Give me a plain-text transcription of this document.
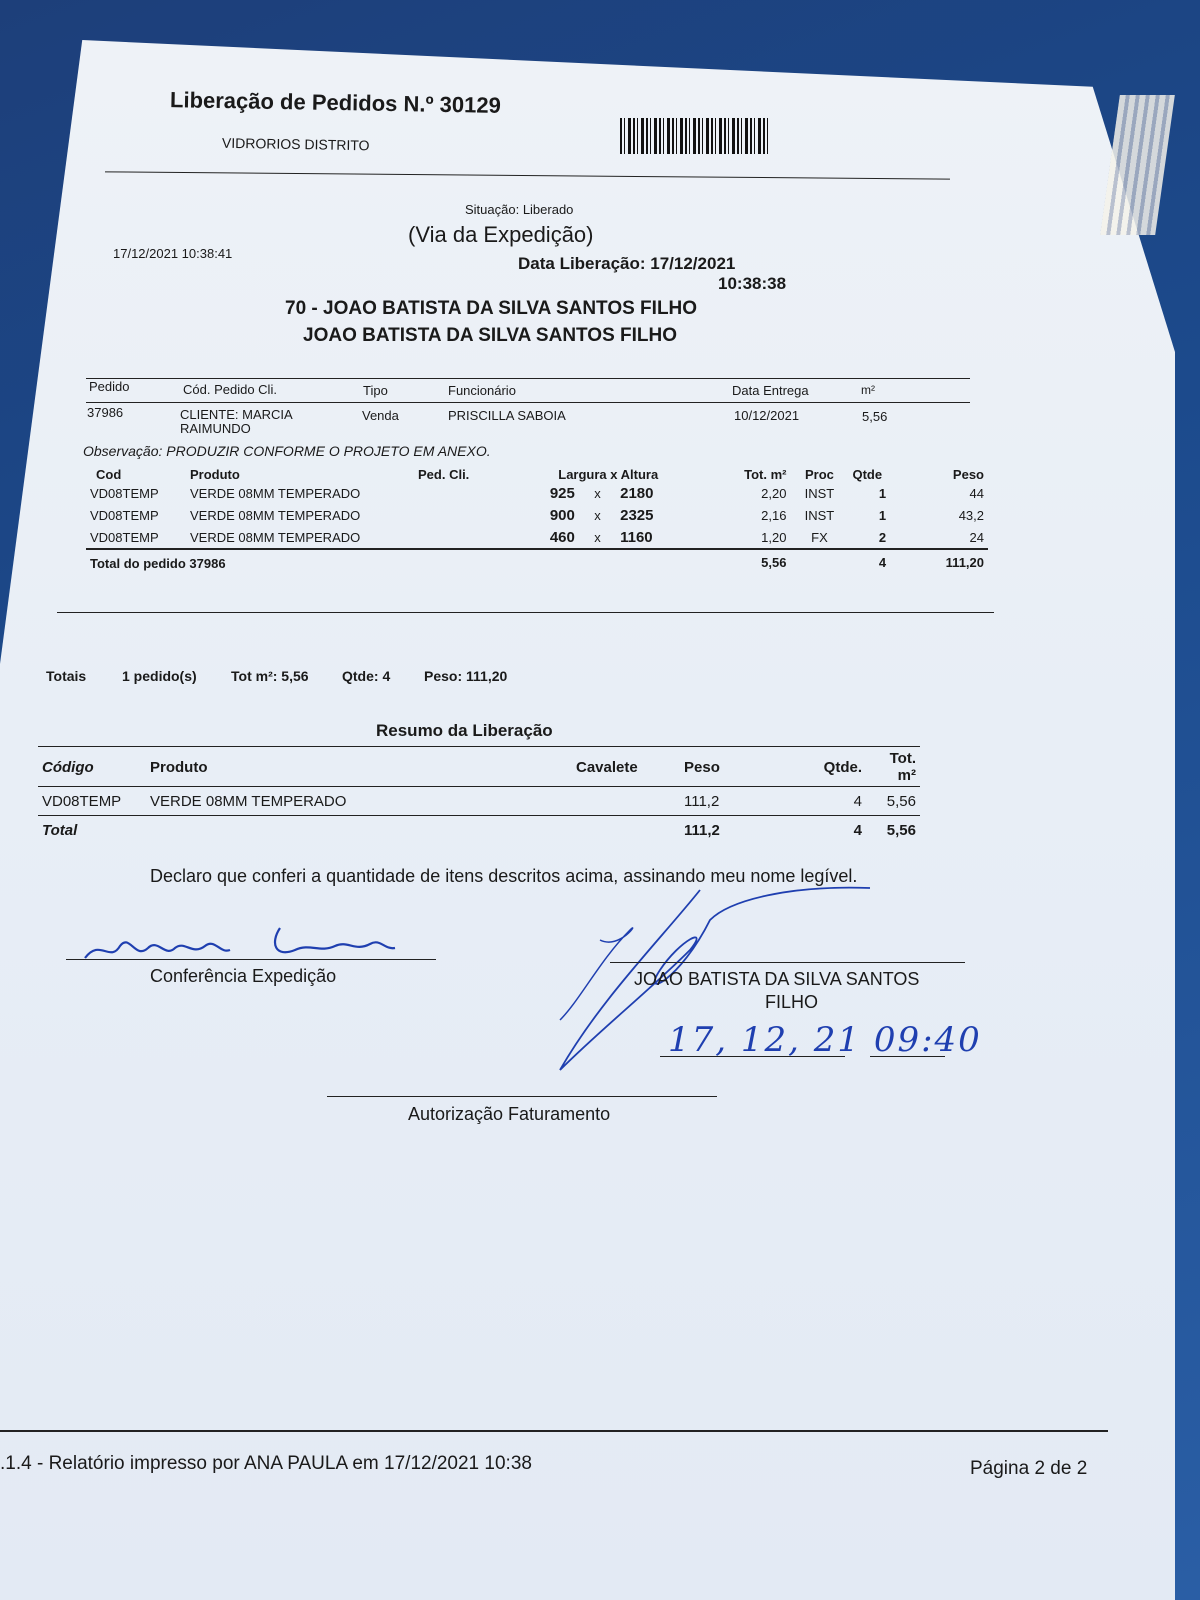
Liberação de Pedidos N.º 30129
VIDRORIOS DISTRITO
Situação: Liberado
(Via da Expedição)
17/12/2021 10:38:41
Data Liberação: 17/12/2021
10:38:38
70 - JOAO BATISTA DA SILVA SANTOS FILHO
JOAO BATISTA DA SILVA SANTOS FILHO
Pedido	Cód. Pedido Cli.	Tipo	Funcionário	Data Entrega	m²
37986	CLIENTE: MARCIA
RAIMUNDO
Venda	PRISCILLA SABOIA	10/12/2021	5,56
Observação: PRODUZIR CONFORME O PROJETO EM ANEXO.
Cod	Produto	Ped. Cli.	Largura x Altura			Tot. m²	Proc	Qtde	Peso
VD08TEMP	VERDE 08MM TEMPERADO		925	x	2180	2,20	INST	1	44
VD08TEMP	VERDE 08MM TEMPERADO		900	x	2325	2,16	INST	1	43,2
VD08TEMP	VERDE 08MM TEMPERADO		460	x	1160	1,20	FX	2	24
Total do pedido 37986						5,56		4	111,20
Totais	1 pedido(s) Tot m²: 5,56 Qtde: 4 Peso: 111,20
Resumo da Liberação
Código	Produto	Cavalete	Peso	Qtde.	Tot. m²
VD08TEMP	VERDE 08MM TEMPERADO		111,2	4	5,56
Total			111,2	4	5,56
Declaro que conferi a quantidade de itens descritos acima, assinando meu nome legível.
Conferência Expedição	JOAO BATISTA DA SILVA SANTOS
FILHO
17, 12, 21 09:40
Autorização Faturamento
.1.4 - Relatório impresso por ANA PAULA em 17/12/2021 10:38	Página 2 de 2
